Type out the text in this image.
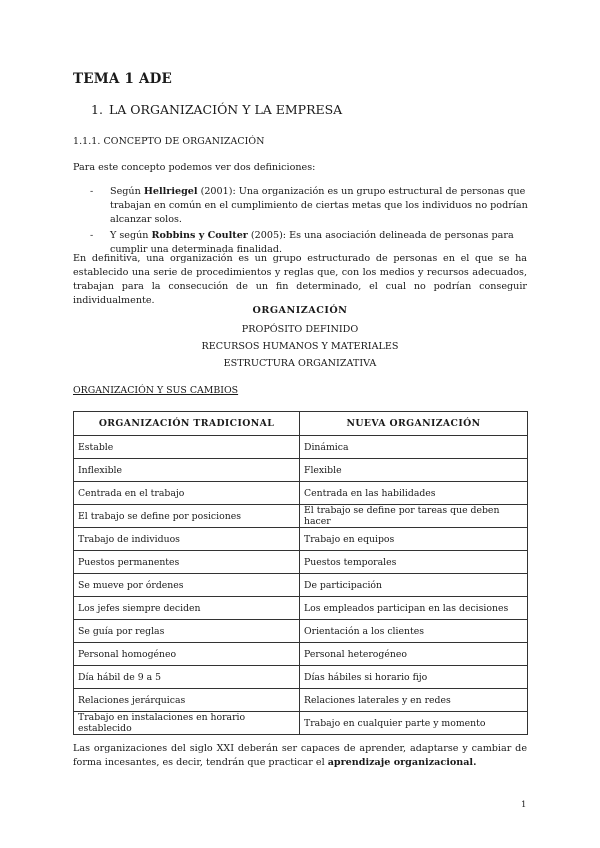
TEMA 1 ADE
1. LA ORGANIZACIÓN Y LA EMPRESA
1.1.1. CONCEPTO DE ORGANIZACIÓN
Para este concepto podemos ver dos definiciones:
- Según Hellriegel (2001): Una organización es un grupo estructural de personas que trabajan en común en el cumplimiento de ciertas metas que los individuos no podrían alcanzar solos.
- Y según Robbins y Coulter (2005): Es una asociación delineada de personas para cumplir una determinada finalidad.
En definitiva, una organización es un grupo estructurado de personas en el que se ha establecido una serie de procedimientos y reglas que, con los medios y recursos adecuados, trabajan para la consecución de un fin determinado, el cual no podrían conseguir individualmente.
ORGANIZACIÓN
PROPÓSITO DEFINIDO
RECURSOS HUMANOS Y MATERIALES
ESTRUCTURA ORGANIZATIVA
ORGANIZACIÓN Y SUS CAMBIOS
ORGANIZACIÓN TRADICIONAL	NUEVA ORGANIZACIÓN
Estable	Dinámica
Inflexible	Flexible
Centrada en el trabajo	Centrada en las habilidades
El trabajo se define por posiciones	El trabajo se define por tareas que deben hacer
Trabajo de individuos	Trabajo en equipos
Puestos permanentes	Puestos temporales
Se mueve por órdenes	De participación
Los jefes siempre deciden	Los empleados participan en las decisiones
Se guía por reglas	Orientación a los clientes
Personal homogéneo	Personal heterogéneo
Día hábil de 9 a 5	Días hábiles si horario fijo
Relaciones jerárquicas	Relaciones laterales y en redes
Trabajo en instalaciones en horario establecido	Trabajo en cualquier parte y momento
Las organizaciones del siglo XXI deberán ser capaces de aprender, adaptarse y cambiar de forma incesantes, es decir, tendrán que practicar el aprendizaje organizacional.
1
